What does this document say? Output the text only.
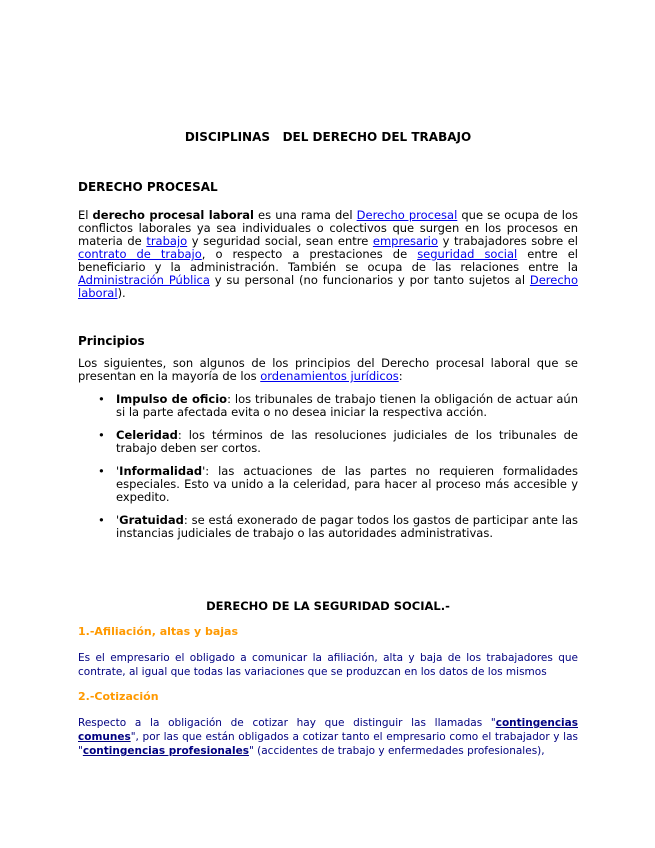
DISCIPLINAS   DEL DERECHO DEL TRABAJO
DERECHO PROCESAL

El derecho procesal laboral es una rama del Derecho procesal que se ocupa de los conflictos laborales ya sea individuales o colectivos que surgen en los procesos en materia de trabajo y seguridad social, sean entre empresario y trabajadores sobre el contrato de trabajo, o respecto a prestaciones de seguridad social entre el beneficiario y la administración. También se ocupa de las relaciones entre la Administración Pública y su personal (no funcionarios y por tanto sujetos al Derecho laboral).

Principios

Los siguientes, son algunos de los principios del Derecho procesal laboral que se presentan en la mayoría de los ordenamientos jurídicos:

• Impulso de oficio: los tribunales de trabajo tienen la obligación de actuar aún si la parte afectada evita o no desea iniciar la respectiva acción.
• Celeridad: los términos de las resoluciones judiciales de los tribunales de trabajo deben ser cortos.
• 'Informalidad': las actuaciones de las partes no requieren formalidades especiales. Esto va unido a la celeridad, para hacer al proceso más accesible y expedito.
• 'Gratuidad: se está exonerado de pagar todos los gastos de participar ante las instancias judiciales de trabajo o las autoridades administrativas.
DERECHO DE LA SEGURIDAD SOCIAL.-

1.-Afiliación, altas y bajas

Es el empresario el obligado a comunicar la afiliación, alta y baja de los trabajadores que contrate, al igual que todas las variaciones que se produzcan en los datos de los mismos

2.-Cotización

Respecto a la obligación de cotizar hay que distinguir las llamadas "contingencias comunes", por las que están obligados a cotizar tanto el empresario como el trabajador y las "contingencias profesionales" (accidentes de trabajo y enfermedades profesionales),
